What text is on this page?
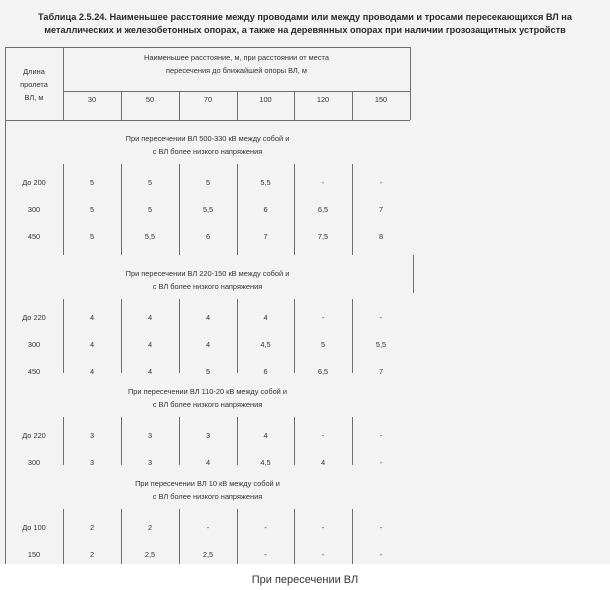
Таблица 2.5.24. Наименьшее расстояние между проводами или между проводами и тросами пересекающихся ВЛ на
металлических и железобетонных опорах, а также на деревянных опорах при наличии грозозащитных устройств
Длина
пролета
ВЛ, м
Наименьшее расстояние, м, при расстоянии от места
пересечения до ближайшей опоры ВЛ, м
30	50	70	100	120	150
При пересечении ВЛ 500-330 кВ между собой и
с ВЛ более низкого напряжения
До 200	5	5	5	5,5	-	-
300	5	5	5,5	6	6,5	7
450	5	5,5	6	7	7,5	8
При пересечении ВЛ 220-150 кВ между собой и
с ВЛ более низкого напряжения
До 220	4	4	4	4	-	-
300	4	4	4	4,5	5	5,5
450	4	4	5	6	6,5	7
При пересечении ВЛ 110-20 кВ между собой и
с ВЛ более низкого напряжения
До 220	3	3	3	4	-	-
300	3	3	4	4,5	4	-
При пересечении ВЛ 10 кВ между собой и
с ВЛ более низкого напряжения
До 100	2	2	-	-	-	-
150	2	2,5	2,5	-	-	-
При пересечении ВЛ
